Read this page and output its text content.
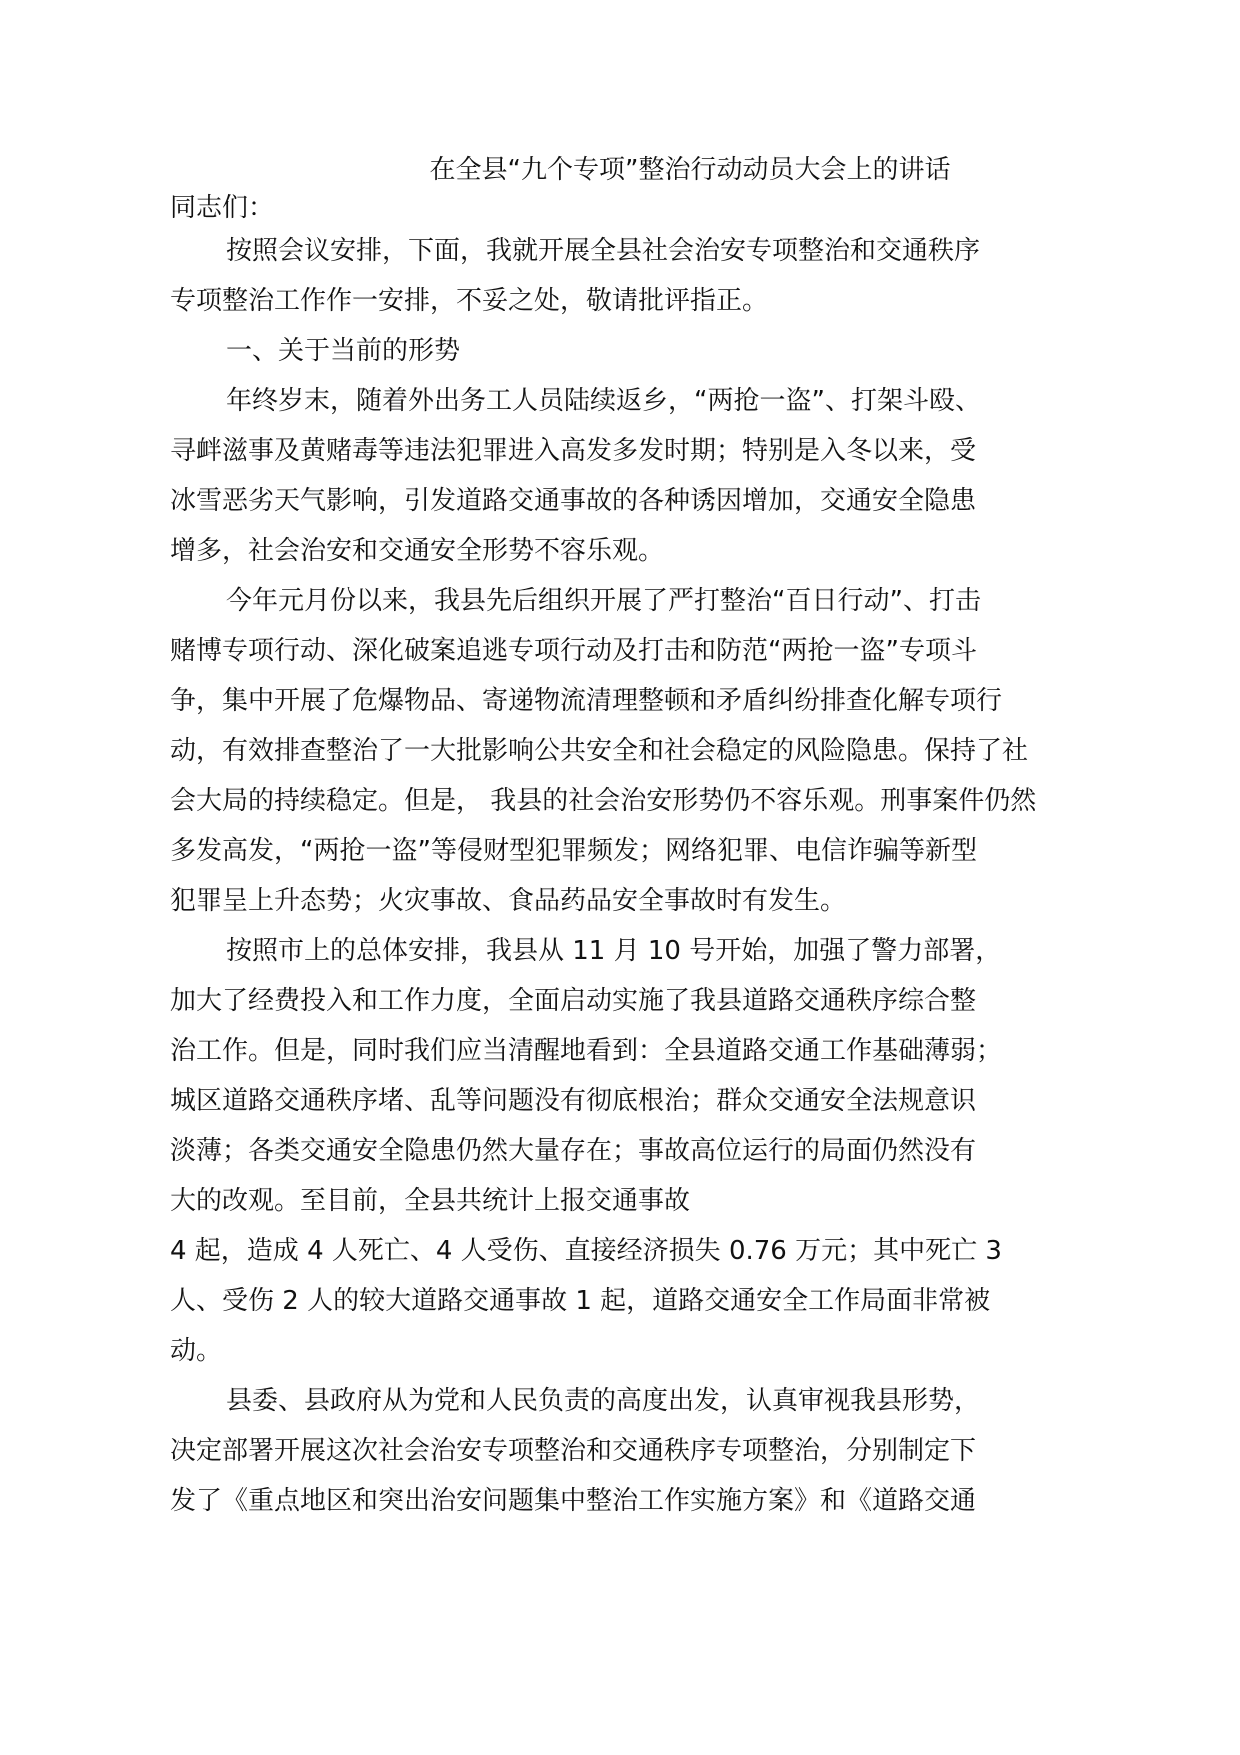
在全县“九个专项”整治行动动员大会上的讲话

同志们：

按照会议安排，下面，我就开展全县社会治安专项整治和交通秩序
专项整治工作作一安排，不妥之处，敬请批评指正。

一、关于当前的形势

年终岁末，随着外出务工人员陆续返乡，“两抢一盗”、打架斗殴、
寻衅滋事及黄赌毒等违法犯罪进入高发多发时期；特别是入冬以来，受
冰雪恶劣天气影响，引发道路交通事故的各种诱因增加，交通安全隐患
增多，社会治安和交通安全形势不容乐观。

今年元月份以来，我县先后组织开展了严打整治“百日行动”、打击
赌博专项行动、深化破案追逃专项行动及打击和防范“两抢一盗”专项斗
争，集中开展了危爆物品、寄递物流清理整顿和矛盾纠纷排查化解专项行
动，有效排查整治了一大批影响公共安全和社会稳定的风险隐患。保持了社
会大局的持续稳定。但是， 我县的社会治安形势仍不容乐观。刑事案件仍然
多发高发，“两抢一盗”等侵财型犯罪频发；网络犯罪、电信诈骗等新型
犯罪呈上升态势；火灾事故、食品药品安全事故时有发生。

按照市上的总体安排，我县从 11 月 10 号开始，加强了警力部署，
加大了经费投入和工作力度，全面启动实施了我县道路交通秩序综合整
治工作。但是，同时我们应当清醒地看到：全县道路交通工作基础薄弱；
城区道路交通秩序堵、乱等问题没有彻底根治；群众交通安全法规意识
淡薄；各类交通安全隐患仍然大量存在；事故高位运行的局面仍然没有
大的改观。至目前，全县共统计上报交通事故
4 起，造成 4 人死亡、4 人受伤、直接经济损失 0.76 万元；其中死亡 3
人、受伤 2 人的较大道路交通事故 1 起，道路交通安全工作局面非常被
动。

县委、县政府从为党和人民负责的高度出发，认真审视我县形势，
决定部署开展这次社会治安专项整治和交通秩序专项整治，分别制定下
发了《重点地区和突出治安问题集中整治工作实施方案》和《道路交通
